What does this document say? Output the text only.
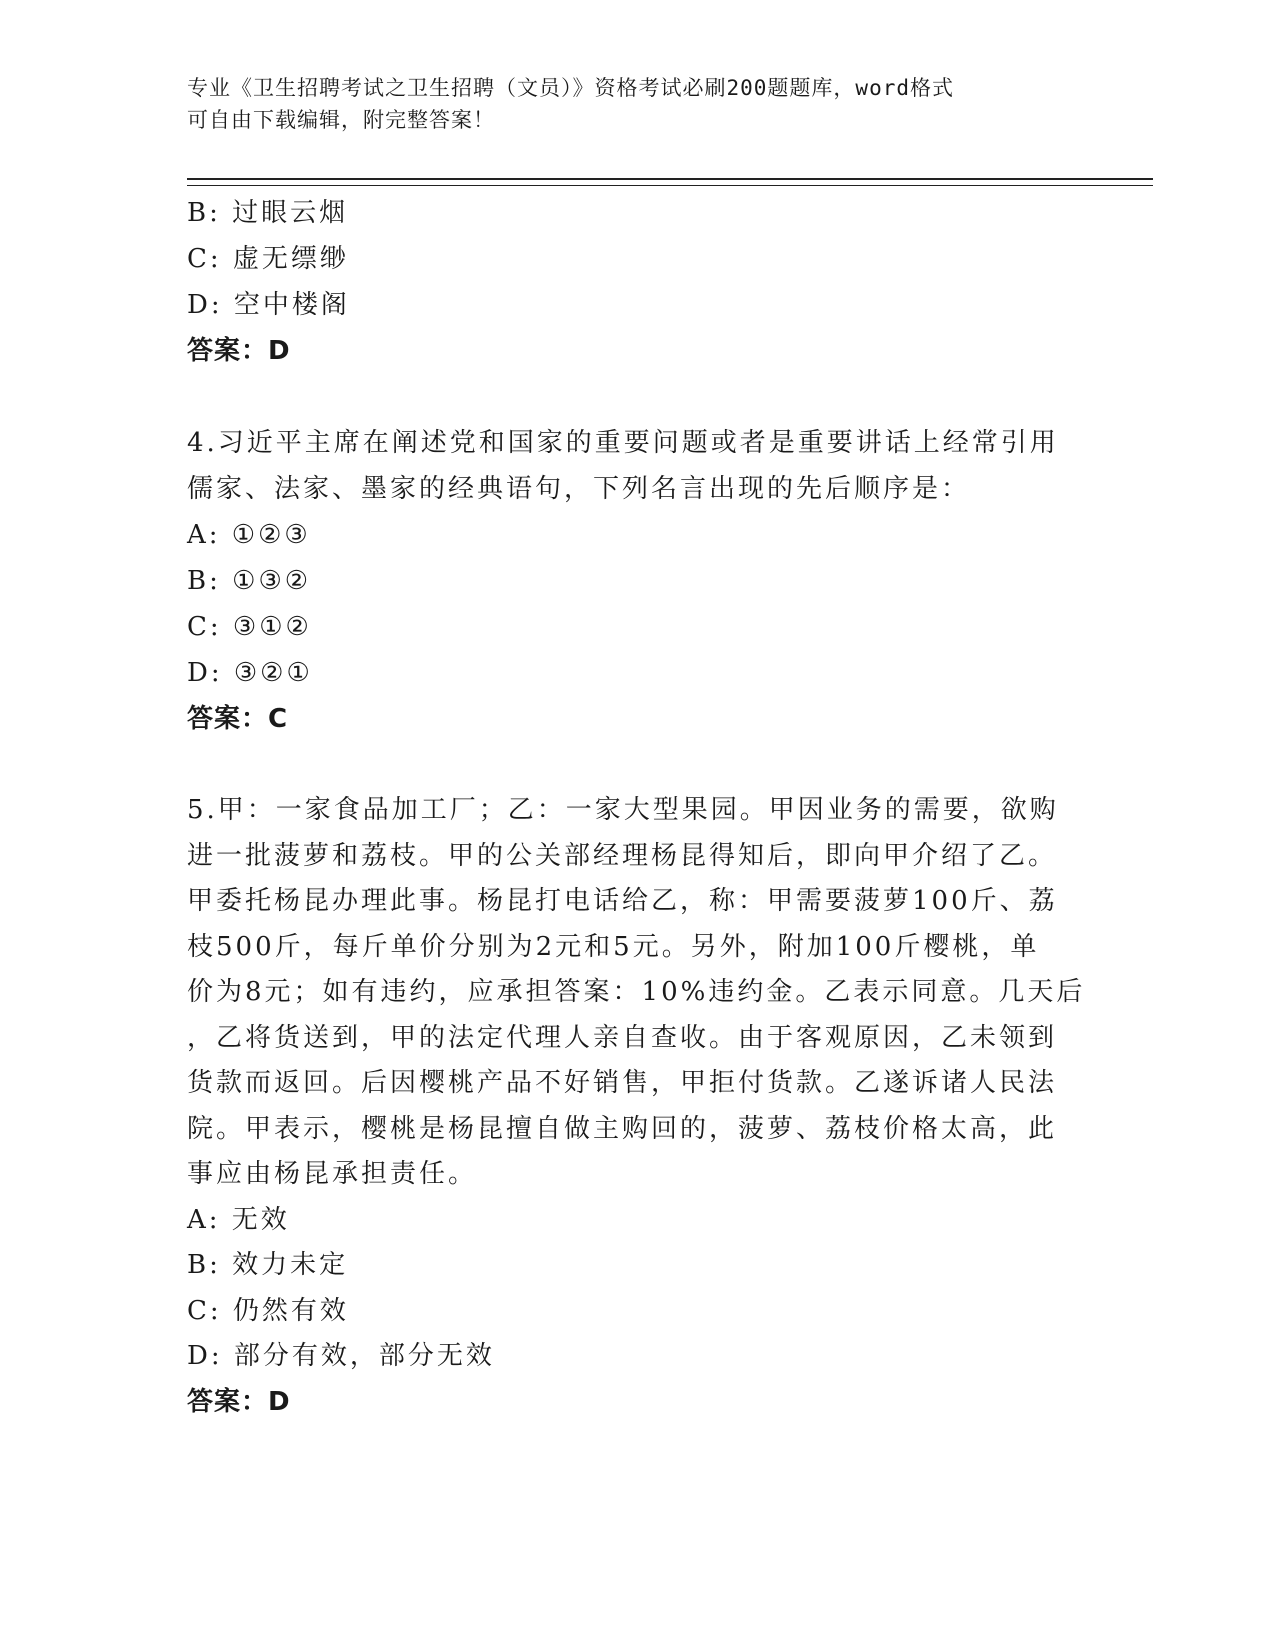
专业《卫生招聘考试之卫生招聘（文员）》资格考试必刷200题题库，word格式
可自由下载编辑，附完整答案！
B: 过眼云烟
C: 虚无缥缈
D: 空中楼阁
答案：D
4.习近平主席在阐述党和国家的重要问题或者是重要讲话上经常引用
儒家、法家、墨家的经典语句，下列名言出现的先后顺序是：
A: ①②③
B: ①③②
C: ③①②
D: ③②①
答案：C
5.甲：一家食品加工厂；乙：一家大型果园。甲因业务的需要，欲购
进一批菠萝和荔枝。甲的公关部经理杨昆得知后，即向甲介绍了乙。
甲委托杨昆办理此事。杨昆打电话给乙，称：甲需要菠萝100斤、荔
枝500斤，每斤单价分别为2元和5元。另外，附加100斤樱桃，单
价为8元；如有违约，应承担答案：10%违约金。乙表示同意。几天后
，乙将货送到，甲的法定代理人亲自查收。由于客观原因，乙未领到
货款而返回。后因樱桃产品不好销售，甲拒付货款。乙遂诉诸人民法
院。甲表示，樱桃是杨昆擅自做主购回的，菠萝、荔枝价格太高，此
事应由杨昆承担责任。
A: 无效
B: 效力未定
C: 仍然有效
D: 部分有效，部分无效
答案：D
